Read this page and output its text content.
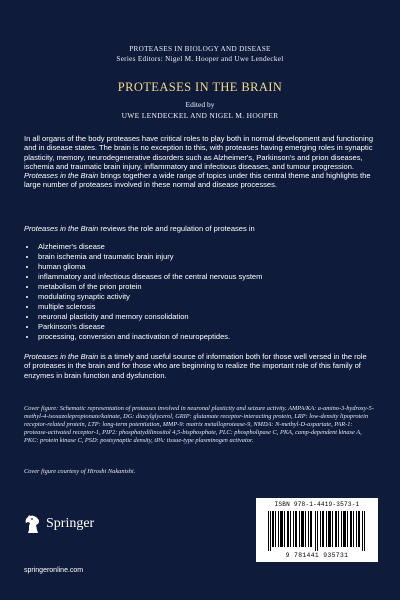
PROTEASES IN BIOLOGY AND DISEASE
Series Editors: Nigel M. Hooper and Uwe Lendeckel
PROTEASES IN THE BRAIN
Edited by
UWE LENDECKEL AND NIGEL M. HOOPER
In all organs of the body proteases have critical roles to play both in normal development and functioning and in disease states. The brain is no exception to this, with proteases having emerging roles in synaptic plasticity, memory, neurodegenerative disorders such as Alzheimer's, Parkinson's and prion diseases, ischemia and traumatic brain injury, inflammatory and infectious diseases, and tumour progression. Proteases in the Brain brings together a wide range of topics under this central theme and highlights the large number of proteases involved in these normal and disease processes.
Proteases in the Brain reviews the role and regulation of proteases in
• Alzheimer's disease
• brain ischemia and traumatic brain injury
• human glioma
• inflammatory and infectious diseases of the central nervous system
• metabolism of the prion protein
• modulating synaptic activity
• multiple sclerosis
• neuronal plasticity and memory consolidation
• Parkinson's disease
• processing, conversion and inactivation of neuropeptides.
Proteases in the Brain is a timely and useful source of information both for those well versed in the role of proteases in the brain and for those who are beginning to realize the important role of this family of enzymes in brain function and dysfunction.
Cover figure: Schematic representation of proteases involved in neuronal plasticity and seizure activity. AMPA/KA: a-amino-3-hydroxy-5-methyl-4-isoxazolepropionate/kainate, DG: diacylglycerol, GRIP: glutamate receptor-interacting protein, LRP: low-density lipoprotein receptor-related protein, LTP: long-term potentiation, MMP-9: matrix metalloprotease-9, NMDA: N-methyl-D-aspartate, PAR-1: protease-activated receptor-1, PIP2: phosphatydilinositol 4,5-bisphosphate, PLC: phospholipase C, PKA, camp-dependent kinase A, PKC: protein kinase C, PSD: postsynaptic density, tPA: tissue-type plasminogen activator.
Cover figure courtesy of Hiroshi Nakanishi.
Springer
springeronline.com
ISBN 978-1-4419-3573-1
9 781441 935731
